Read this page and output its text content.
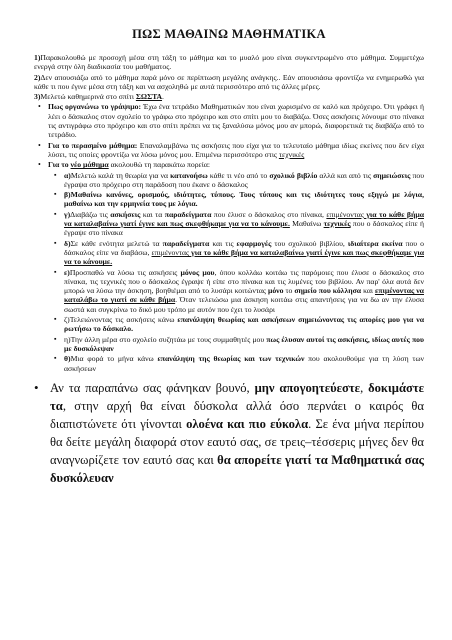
ΠΩΣ ΜΑΘΑΙΝΩ ΜΑΘΗΜΑΤΙΚΑ

1)Παρακολουθώ με προσοχή μέσα στη τάξη το μάθημα και το μυαλό μου είναι συγκεντρωμένο στο μάθημα. Συμμετέχω ενεργά στην όλη διαδικασία του μαθήματος.

2)Δεν απουσιάζω από το μάθημα παρά μόνο σε περίπτωση μεγάλης ανάγκης.. Εάν απουσιάσω φροντίζω να ενημερωθώ για κάθε τι που έγινε μέσα στη τάξη και να ασχοληθώ με αυτά περισσότερο από τις άλλες μέρες.

3)Μελετώ καθημερινά στο σπίτι ΣΩΣΤΑ.

• Πως οργανώνω το γράψιμο: Έχω ένα τετράδιο Μαθηματικών που είναι χωρισμένο σε καλό και πρόχειρο. Ότι γράφει ή λέει ο δάσκαλος στον σχολείο το γράφω στο πρόχειρο και στο σπίτι μου το διαβάζω. Όσες ασκήσεις λύνουμε στο πίνακα τις αντιγράφω στο πρόχειρο και στο σπίτι πρέπει να τις ξαναλύσω μόνος μου αν μπορώ, διαφορετικά τις διαβάζω από το τετράδιο.
• Για το περασμένο μάθημα: Επαναλαμβάνω τις ασκήσεις που είχα για το τελευταίο μάθημα ιδίως εκείνες που δεν είχα λύσει, τις οποίες φροντίζω να λύσω μόνος μου. Επιμένω περισσότερο στις τεχνικές
• Για το νέο μάθημα ακολουθώ τη παρακάτω πορεία:
▪ α)Μελετώ καλά τη θεωρία για να κατανοήσω κάθε τι νέο από το σχολικό βιβλίο αλλά και από τις σημειώσεις που έγραψα στο πρόχειρο στη παράδοση που έκανε ο δάσκαλος
▪ β)Μαθαίνω κανόνες, ορισμούς, ιδιότητες, τύπους. Τους τύπους και τις ιδιότητες τους εξηγώ με λόγια, μαθαίνω και την ερμηνεία τους με λόγια.
▪ γ)Διαβάζω τις ασκήσεις και τα παραδείγματα που έλυσε ο δάσκαλος στο πίνακα, επιμένοντας για το κάθε βήμα να καταλαβαίνω γιατί έγινε και πως σκεφθήκαμε για να το κάνουμε. Μαθαίνω τεχνικές που ο δάσκαλος είπε ή έγραψε στο πίνακα
▪ δ)Σε κάθε ενότητα μελετώ τα παραδείγματα και τις εφαρμογές του σχολικού βιβλίου, ιδιαίτερα εκείνα που ο δάσκαλος είπε να διαβάσω, επιμένοντας για το κάθε βήμα να καταλαβαίνω γιατί έγινε και πως σκεφθήκαμε για να το κάνουμε.
▪ ε)Προσπαθώ να λύσω τις ασκήσεις μόνος μου, όπου κολλάω κοιτάω τις παρόμοιες που έλυσε ο δάσκαλος στο πίνακα, τις τεχνικές που ο δάσκαλος έγραψε ή είπε στο πίνακα και τις λυμένες του βιβλίου. Αν παρ' όλα αυτά δεν μπορώ να λύσω την άσκηση, βοηθιέμαι από το λυσάρι κοιτώντας μόνο το σημείο που κόλλησα και επιμένοντας να καταλάβω το γιατί σε κάθε βήμα. Όταν τελειώσω μια άσκηση κοιτάω στις απαντήσεις για να δω αν την έλυσα σωστά και συγκρίνω το δικό μου τρόπο με αυτόν που έχει το λυσάρι
▪ ζ)Τελειώνοντας τις ασκήσεις κάνω επανάληψη θεωρίας και ασκήσεων σημειώνοντας τις απορίες μου για να ρωτήσω το δάσκαλο.
▪ η)Την άλλη μέρα στο σχολείο συζητάω με τους συμμαθητές μου πως έλυσαν αυτοί τις ασκήσεις, ιδίως αυτές που με δυσκόλεψαν
▪ θ)Μια φορά το μήνα κάνω επανάληψη της θεωρίας και των τεχνικών που ακολουθούμε για τη λύση των ασκήσεων

• Αν τα παραπάνω σας φάνηκαν βουνό, μην απογοητεύεστε, δοκιμάστε τα, στην αρχή θα είναι δύσκολα αλλά όσο περνάει ο καιρός θα διαπιστώνετε ότι γίνονται ολοένα και πιο εύκολα. Σε ένα μήνα περίπου θα δείτε μεγάλη διαφορά στον εαυτό σας, σε τρεις–τέσσερις μήνες δεν θα αναγνωρίζετε τον εαυτό σας και θα απορείτε γιατί τα Μαθηματικά σας δυσκόλευαν
